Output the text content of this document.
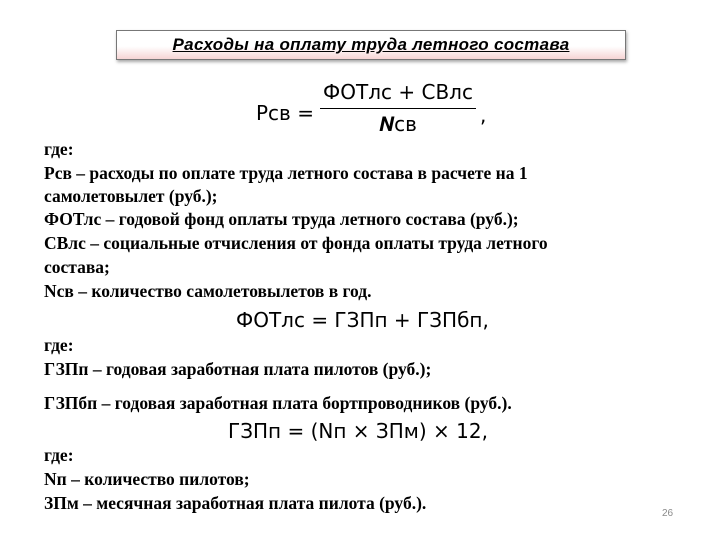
Расходы на оплату труда летного состава
Рсв =
ФОТлс + СВлс
𝑵св	,
где:
Рсв – расходы по оплате труда летного состава в расчете на 1
самолетовылет (руб.);
ФОТлс – годовой фонд оплаты труда летного состава (руб.);
СВлс – социальные отчисления от фонда оплаты труда летного
состава;
Nсв – количество самолетовылетов в год.
ФОТлс = ГЗПп + ГЗПбп,
где:
ГЗПп – годовая заработная плата пилотов (руб.);
ГЗПбп – годовая заработная плата бортпроводников (руб.).
ГЗПп = (Nп × ЗПм) × 12,
где:
Nп – количество пилотов;
ЗПм – месячная заработная плата пилота (руб.).
26
